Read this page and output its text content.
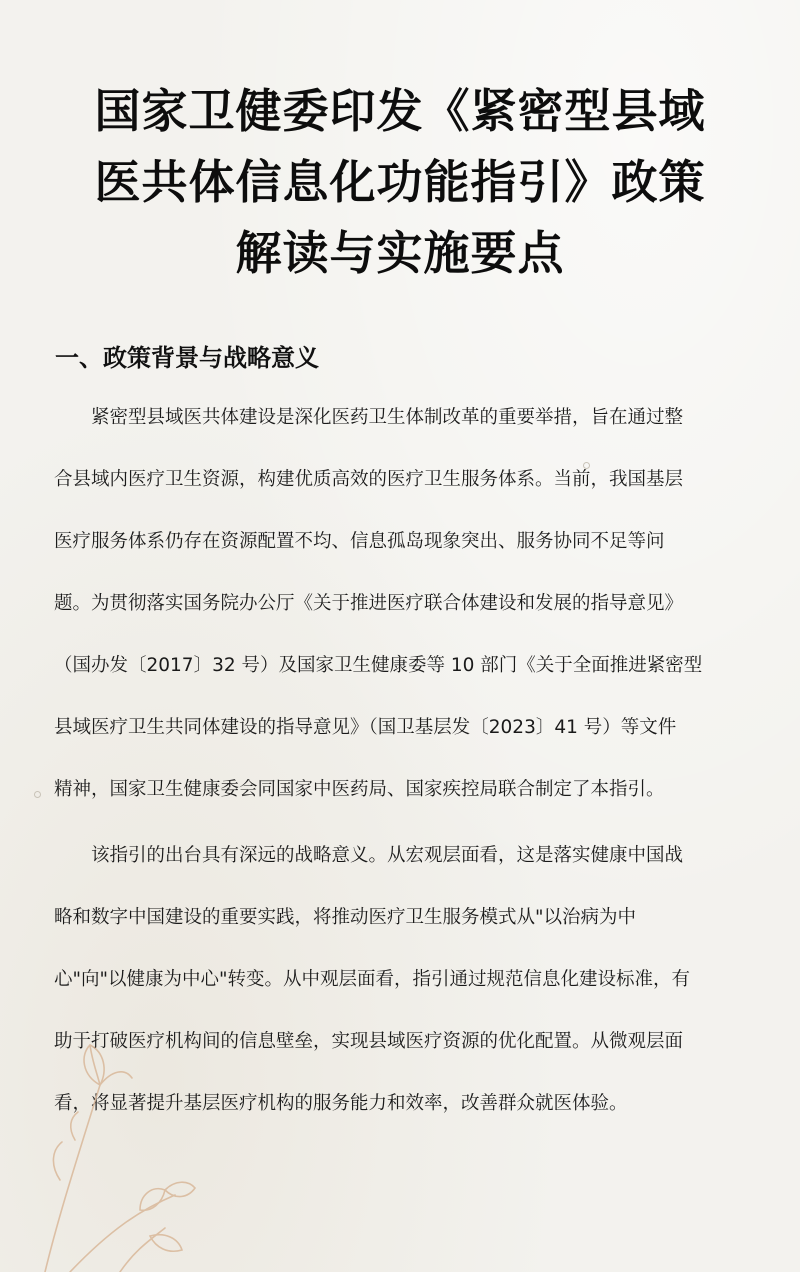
国家卫健委印发《紧密型县域
医共体信息化功能指引》政策
解读与实施要点
一、政策背景与战略意义

紧密型县域医共体建设是深化医药卫生体制改革的重要举措，旨在通过整
合县域内医疗卫生资源，构建优质高效的医疗卫生服务体系。当前，我国基层
医疗服务体系仍存在资源配置不均、信息孤岛现象突出、服务协同不足等问
题。为贯彻落实国务院办公厅《关于推进医疗联合体建设和发展的指导意见》
（国办发〔2017〕32 号）及国家卫生健康委等 10 部门《关于全面推进紧密型
县域医疗卫生共同体建设的指导意见》（国卫基层发〔2023〕41 号）等文件
精神，国家卫生健康委会同国家中医药局、国家疾控局联合制定了本指引。

该指引的出台具有深远的战略意义。从宏观层面看，这是落实健康中国战
略和数字中国建设的重要实践，将推动医疗卫生服务模式从"以治病为中
心"向"以健康为中心"转变。从中观层面看，指引通过规范信息化建设标准，有
助于打破医疗机构间的信息壁垒，实现县域医疗资源的优化配置。从微观层面
看，将显著提升基层医疗机构的服务能力和效率，改善群众就医体验。
